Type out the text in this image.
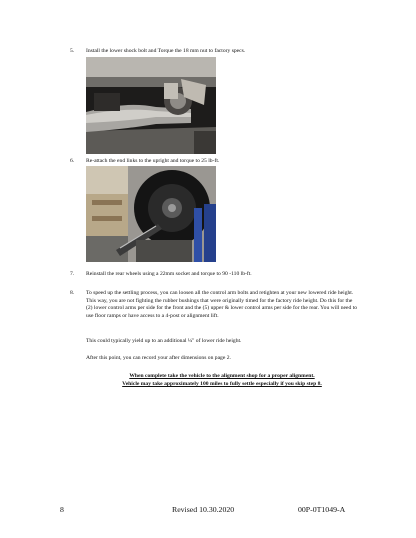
5. Install the lower shock bolt and Torque the 18 mm nut to factory specs.
6. Re-attach the end links to the upright and torque to 25 lb-ft.
7. Reinstall the rear wheels using a 22mm socket and torque to 90 -110 lb-ft.
8. To speed up the settling process, you can loosen all the control arm bolts and retighten at your new lowered ride height. This way, you are not fighting the rubber bushings that were originally timed for the factory ride height. Do this for the (2) lower control arms per side for the front and the (5) upper & lower control arms per side for the rear. You will need to use floor ramps or have access to a 4-post or alignment lift.
This could typically yield up to an additional ¼" of lower ride height.
After this point, you can record your after dimensions on page 2.
When complete take the vehicle to the alignment shop for a proper alignment.
Vehicle may take approximately 100 miles to fully settle especially if you skip step 8.
8	Revised 10.30.2020	00P-0T1049-A
